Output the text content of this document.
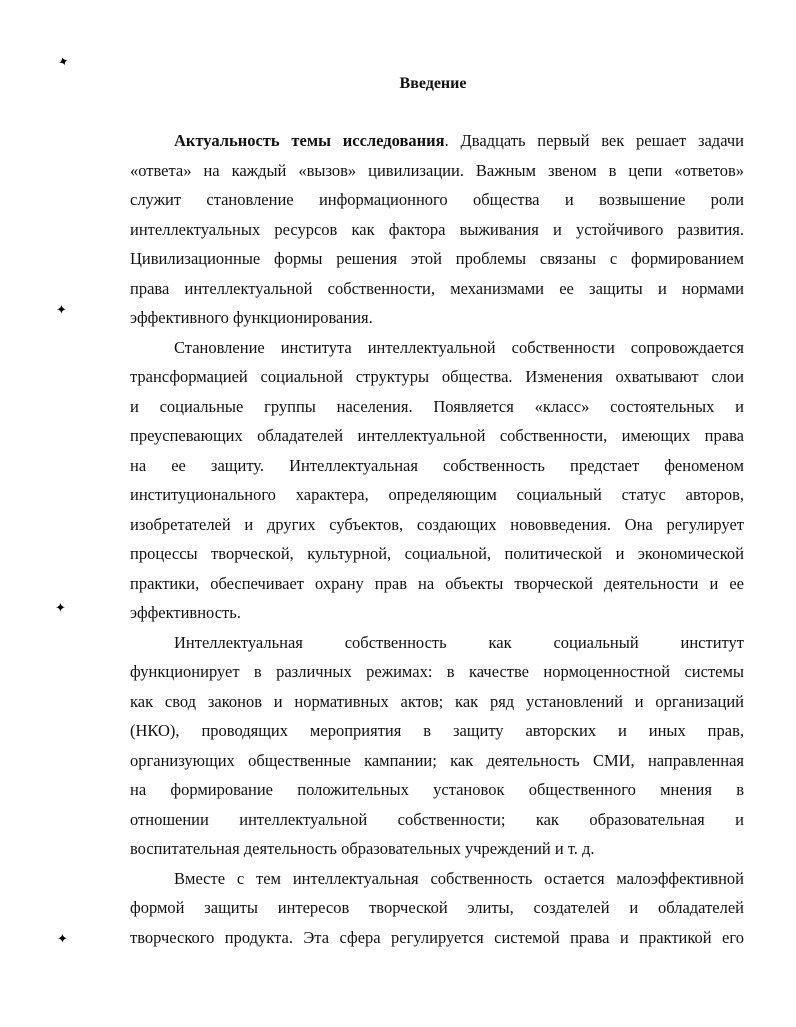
✦
✦
✦
✦
Введение
Актуальность темы исследования. Двадцать первый век решает задачи
«ответа» на каждый «вызов» цивилизации. Важным звеном в цепи «ответов»
служит становление информационного общества и возвышение роли
интеллектуальных ресурсов как фактора выживания и устойчивого развития.
Цивилизационные формы решения этой проблемы связаны с формированием
права интеллектуальной собственности, механизмами ее защиты и нормами
эффективного функционирования.
Становление института интеллектуальной собственности сопровождается
трансформацией социальной структуры общества. Изменения охватывают слои
и социальные группы населения. Появляется «класс» состоятельных и
преуспевающих обладателей интеллектуальной собственности, имеющих права
на ее защиту. Интеллектуальная собственность предстает феноменом
институционального характера, определяющим социальный статус авторов,
изобретателей и других субъектов, создающих нововведения. Она регулирует
процессы творческой, культурной, социальной, политической и экономической
практики, обеспечивает охрану прав на объекты творческой деятельности и ее
эффективность.
Интеллектуальная собственность как социальный институт
функционирует в различных режимах: в качестве нормоценностной системы
как свод законов и нормативных актов; как ряд установлений и организаций
(НКО), проводящих мероприятия в защиту авторских и иных прав,
организующих общественные кампании; как деятельность СМИ, направленная
на формирование положительных установок общественного мнения в
отношении интеллектуальной собственности; как образовательная и
воспитательная деятельность образовательных учреждений и т. д.
Вместе с тем интеллектуальная собственность остается малоэффективной
формой защиты интересов творческой элиты, создателей и обладателей
творческого продукта. Эта сфера регулируется системой права и практикой его
